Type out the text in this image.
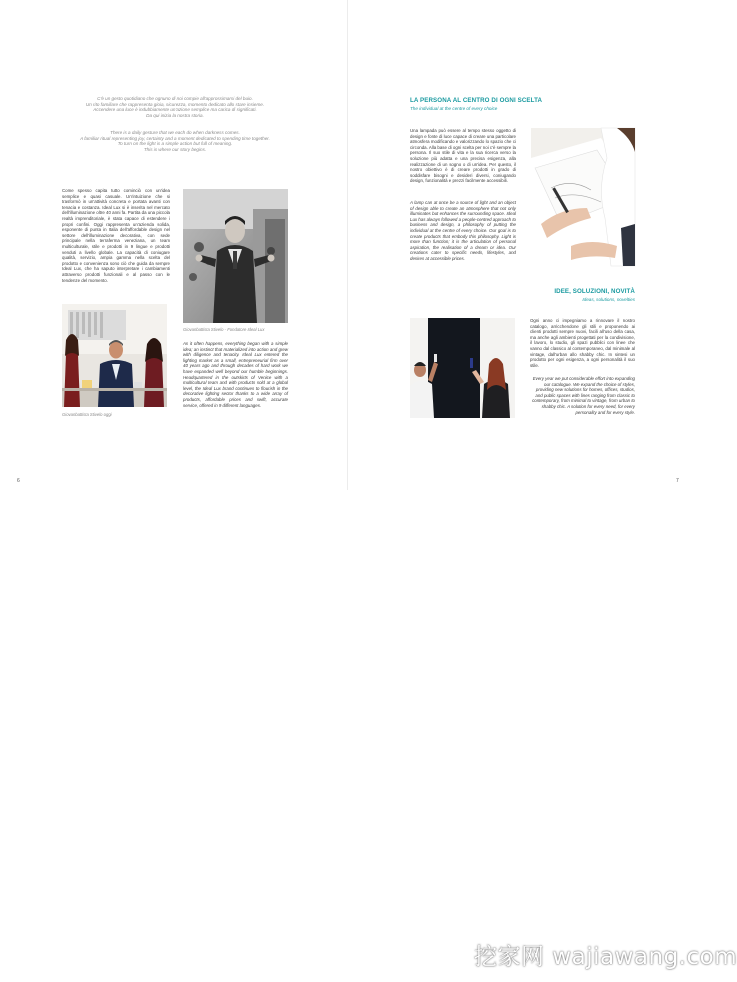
C'è un gesto quotidiano che ognuno di noi compie all'approssimarsi del buio.
Un rito familiare che rappresenta gioia, sicurezza, momento dedicato allo stare insieme.
Accendere una luce è indubbiamente un'azione semplice ma carica di significati.
Da qui inizia la nostra storia.
There is a daily gesture that we each do when darkness comes.
A familiar ritual representing joy, certainty and a moment dedicated to spending time together.
To turn on the light is a simple action but full of meaning.
This is where our story begins.
Come spesso capita tutto cominciò con un'idea semplice e quasi casuale. Un'intuizione che si trasformò in un'attività concreta e portata avanti con tenacia e costanza. Ideal Lux si è inserita nel mercato dell'illuminazione oltre 40 anni fa. Partita da una piccola realtà imprenditoriale, è stata capace di estendere i propri confini. Oggi rappresenta un'azienda solida, esponente di punta in Italia dell'affordable design nel settore dell'illuminazione decorativa, con sede principale nella terraferma veneziana, un team multiculturale, stile e prodotti in 9 lingue e prodotti venduti a livello globale. La capacità di coniugare qualità, servizio, ampia gamma nella scelta del prodotto e convenienza sono ciò che guida da sempre Ideal Lux, che ha saputo interpretare i cambiamenti attraverso prodotti funzionali e al passo con le tendenze del momento.
Giovanbattista Stivelo - Fondatore Ideal Lux
Giovanbattista Stivelo oggi
As it often happens, everything began with a simple idea; an instinct that materialized into action and grew with diligence and tenacity. Ideal Lux entered the lighting market as a small, entrepreneurial firm over 40 years ago and through decades of hard work we have expanded well beyond our humble beginnings. Headquartered in the outskirts of Venice with a multicultural team and with products sold at a global level, the Ideal Lux brand continues to flourish in the decorative lighting sector thanks to a wide array of products, affordable prices and swift, accurate service, offered in 9 different languages.
6
LA PERSONA AL CENTRO DI OGNI SCELTA
The individual at the centre of every choice
Una lampada può essere al tempo stesso oggetto di design e fonte di luce capace di creare una particolare atmosfera modificando e valorizzando lo spazio che ci circonda. Alla base di ogni scelta per noi c'è sempre la persona. Il suo stile di vita e la sua ricerca verso la soluzione più adatta e una precisa esigenza, alla realizzazione di un sogno o di un'idea. Per questo, il nostro obiettivo è di creare prodotti in grado di soddisfare bisogni e desideri diversi, coniugando design, funzionalità e prezzi facilmente accessibili.
A lamp can at once be a source of light and an object of design able to create an atmosphere that not only illuminates but enhances the surrounding space. Ideal Lux has always followed a people-centred approach to business and design, a philosophy of putting the individual at the centre of every choice. Our goal is to create products that embody this philosophy. Light is more than function; it is the articulation of personal aspiration, the realisation of a dream or idea. Our creations cater to specific needs, lifestyles, and desires at accessible prices.
IDEE, SOLUZIONI, NOVITÀ
Ideas, solutions, novelties
Ogni anno ci impegniamo a rinnovare il nostro catalogo, arricchendone gli stili e proponendo ai clienti prodotti sempre nuovi, facili all'uso della casa, ma anche agli ambienti progettati per la condivisione, il lavoro, lo studio, gli spazi pubblici con linee che vanno dal classico al contemporaneo, dal minimale al vintage, dall'urban allo shabby chic. In sintesi un prodotto per ogni esigenza, a ogni personalità il suo stile.
Every year we put considerable effort into expanding our catalogue. We expand the choice of styles, providing new solutions for homes, offices, studios, and public spaces with lines ranging from classic to contemporary, from minimal to vintage, from urban to shabby chic. A solution for every need, for every personality and for every style.
7
挖家网 wajiawang.com
